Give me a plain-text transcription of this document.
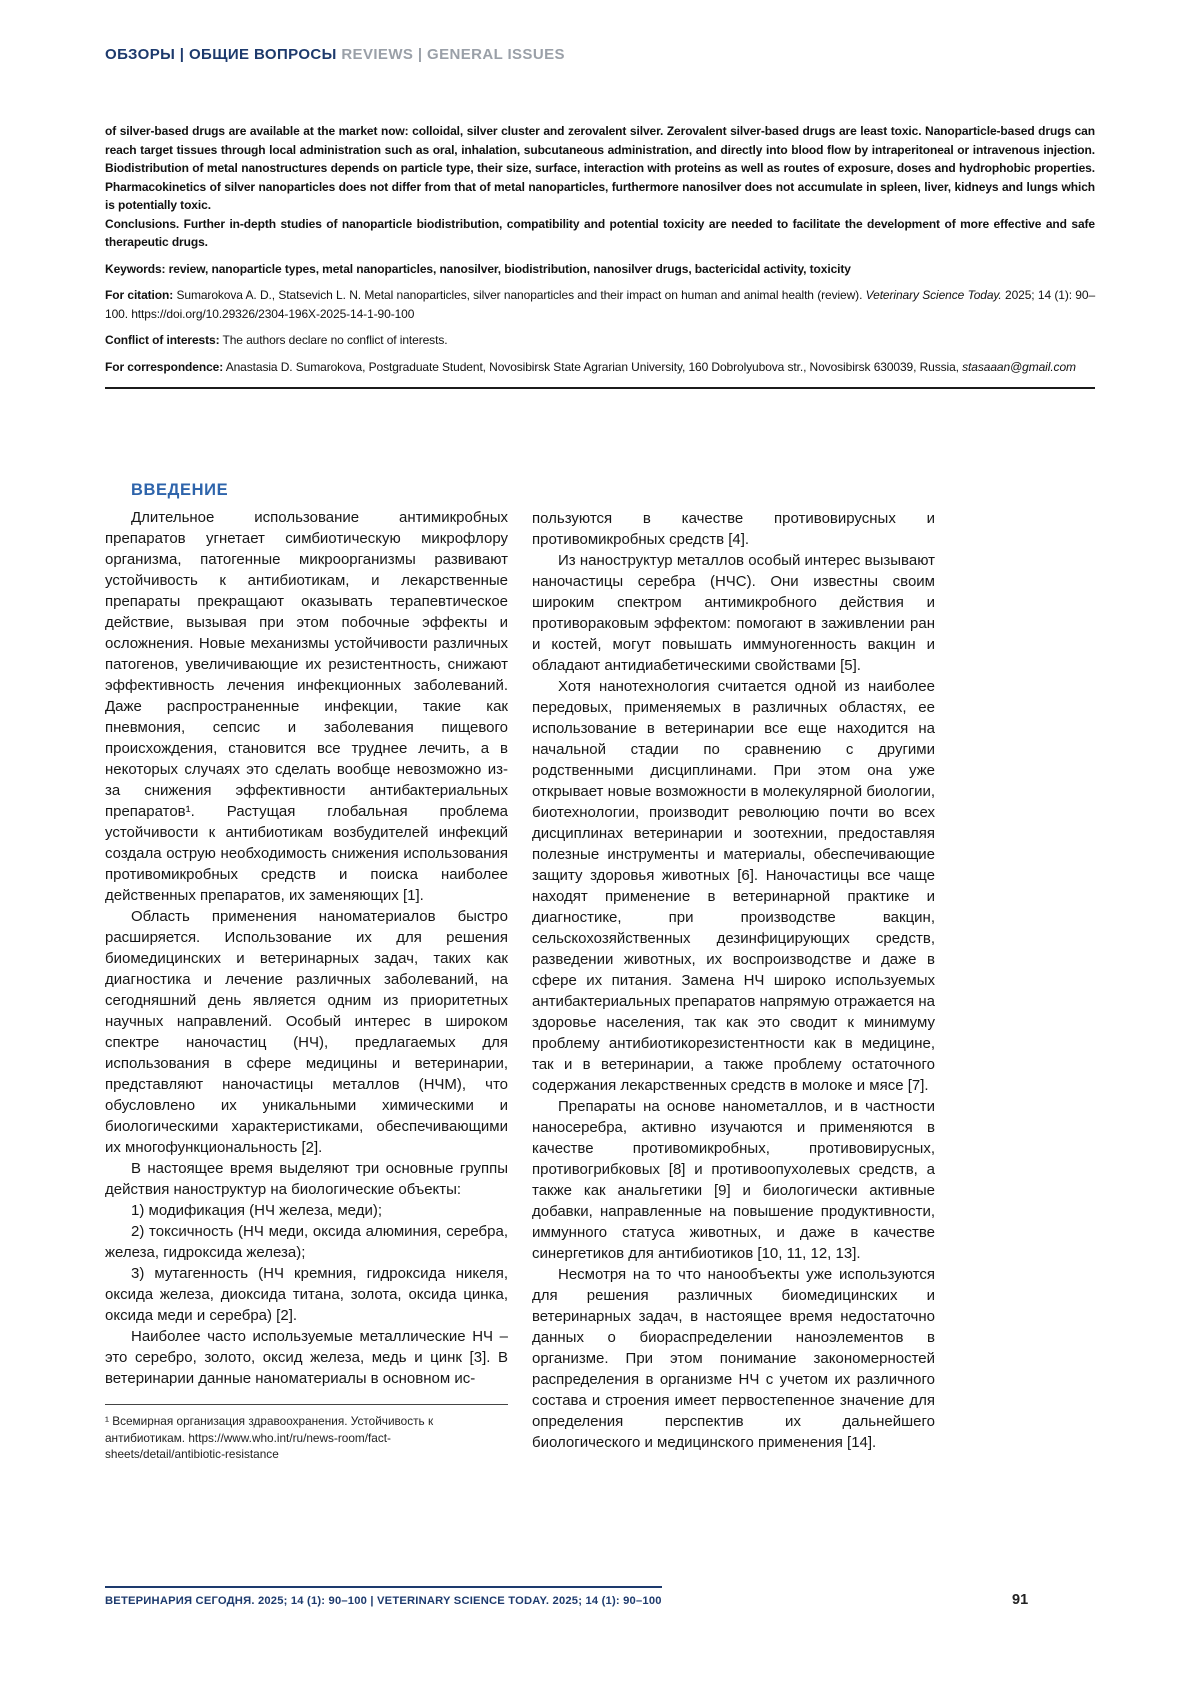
ОБЗОРЫ | ОБЩИЕ ВОПРОСЫ REVIEWS | GENERAL ISSUES

of silver-based drugs are available at the market now: colloidal, silver cluster and zerovalent silver. Zerovalent silver-based drugs are least toxic. Nanoparticle-based drugs can reach target tissues through local administration such as oral, inhalation, subcutaneous administration, and directly into blood flow by intraperitoneal or intravenous injection. Biodistribution of metal nanostructures depends on particle type, their size, surface, interaction with proteins as well as routes of exposure, doses and hydrophobic properties. Pharmacokinetics of silver nanoparticles does not differ from that of metal nanoparticles, furthermore nanosilver does not accumulate in spleen, liver, kidneys and lungs which is potentially toxic.

Conclusions. Further in-depth studies of nanoparticle biodistribution, compatibility and potential toxicity are needed to facilitate the development of more effective and safe therapeutic drugs.

Keywords: review, nanoparticle types, metal nanoparticles, nanosilver, biodistribution, nanosilver drugs, bactericidal activity, toxicity

For citation: Sumarokova A. D., Statsevich L. N. Metal nanoparticles, silver nanoparticles and their impact on human and animal health (review). Veterinary Science Today. 2025; 14 (1): 90–100. https://doi.org/10.29326/2304-196X-2025-14-1-90-100

Conflict of interests: The authors declare no conflict of interests.

For correspondence: Anastasia D. Sumarokova, Postgraduate Student, Novosibirsk State Agrarian University, 160 Dobrolyubova str., Novosibirsk 630039, Russia, stasaaan@gmail.com

ВВЕДЕНИЕ

Длительное использование антимикробных препаратов угнетает симбиотическую микрофлору организма, патогенные микроорганизмы развивают устойчивость к антибиотикам, и лекарственные препараты прекращают оказывать терапевтическое действие, вызывая при этом побочные эффекты и осложнения. Новые механизмы устойчивости различных патогенов, увеличивающие их резистентность, снижают эффективность лечения инфекционных заболеваний. Даже распространенные инфекции, такие как пневмония, сепсис и заболевания пищевого происхождения, становится все труднее лечить, а в некоторых случаях это сделать вообще невозможно из-за снижения эффективности антибактериальных препаратов¹. Растущая глобальная проблема устойчивости к антибиотикам возбудителей инфекций создала острую необходимость снижения использования противомикробных средств и поиска наиболее действенных препаратов, их заменяющих [1].

Область применения наноматериалов быстро расширяется. Использование их для решения биомедицинских и ветеринарных задач, таких как диагностика и лечение различных заболеваний, на сегодняшний день является одним из приоритетных научных направлений. Особый интерес в широком спектре наночастиц (НЧ), предлагаемых для использования в сфере медицины и ветеринарии, представляют наночастицы металлов (НЧМ), что обусловлено их уникальными химическими и биологическими характеристиками, обеспечивающими их многофункциональность [2].

В настоящее время выделяют три основные группы действия наноструктур на биологические объекты:

1) модификация (НЧ железа, меди);

2) токсичность (НЧ меди, оксида алюминия, серебра, железа, гидроксида железа);

3) мутагенность (НЧ кремния, гидроксида никеля, оксида железа, диоксида титана, золота, оксида цинка, оксида меди и серебра) [2].

Наиболее часто используемые металлические НЧ – это серебро, золото, оксид железа, медь и цинк [3]. В ветеринарии данные наноматериалы в основном ис-

¹ Всемирная организация здравоохранения. Устойчивость к антибиотикам. https://www.who.int/ru/news-room/fact-sheets/detail/antibiotic-resistance

пользуются в качестве противовирусных и противомикробных средств [4].

Из наноструктур металлов особый интерес вызывают наночастицы серебра (НЧС). Они известны своим широким спектром антимикробного действия и противораковым эффектом: помогают в заживлении ран и костей, могут повышать иммуногенность вакцин и обладают антидиабетическими свойствами [5].

Хотя нанотехнология считается одной из наиболее передовых, применяемых в различных областях, ее использование в ветеринарии все еще находится на начальной стадии по сравнению с другими родственными дисциплинами. При этом она уже открывает новые возможности в молекулярной биологии, биотехнологии, производит революцию почти во всех дисциплинах ветеринарии и зоотехнии, предоставляя полезные инструменты и материалы, обеспечивающие защиту здоровья животных [6]. Наночастицы все чаще находят применение в ветеринарной практике и диагностике, при производстве вакцин, сельскохозяйственных дезинфицирующих средств, разведении животных, их воспроизводстве и даже в сфере их питания. Замена НЧ широко используемых антибактериальных препаратов напрямую отражается на здоровье населения, так как это сводит к минимуму проблему антибиотикорезистентности как в медицине, так и в ветеринарии, а также проблему остаточного содержания лекарственных средств в молоке и мясе [7].

Препараты на основе нанометаллов, и в частности наносеребра, активно изучаются и применяются в качестве противомикробных, противовирусных, противогрибковых [8] и противоопухолевых средств, а также как анальгетики [9] и биологически активные добавки, направленные на повышение продуктивности, иммунного статуса животных, и даже в качестве синергетиков для антибиотиков [10, 11, 12, 13].

Несмотря на то что нанообъекты уже используются для решения различных биомедицинских и ветеринарных задач, в настоящее время недостаточно данных о биораспределении наноэлементов в организме. При этом понимание закономерностей распределения в организме НЧ с учетом их различного состава и строения имеет первостепенное значение для определения перспектив их дальнейшего биологического и медицинского применения [14].

ВЕТЕРИНАРИЯ СЕГОДНЯ. 2025; 14 (1): 90–100 | VETERINARY SCIENCE TODAY. 2025; 14 (1): 90–100	91
